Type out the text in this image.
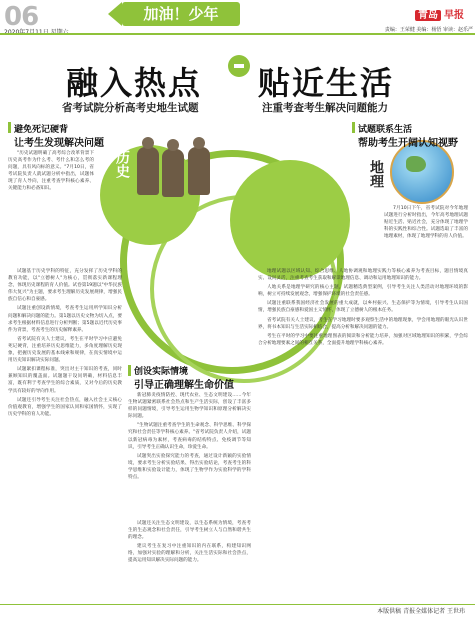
06	加油！少年	青岛 早报
责编：王荣健 美编：杨悟 审读：赵乐严
融入热点 贴近生活
省考试院分析高考史地生试题	注重考查考生解决问题能力
历史	地理
避免死记硬背
让考生发现解决问题

"历史试题明确了高考综合改革背景下历史高考作为什么考、考什么和怎么考的问题，具有风向标的意义。"7月10日，省考试院负责人就试题分析中指出，试题体现了育人导向，注重考查学科核心素养、关键能力和必备知识。

试题基于历史学科的特征，充分发挥了历史学科的教育功能，以"立德树人"为核心，贯彻落实新课程理念，体现历史课程的育人价值。试卷第19题以"中华民族伟大复兴"为主题，要求考生理解历史发展规律，增强民族自信心和自豪感。

试题注重创设新情境，考查考生运用所学知识分析问题和解决问题的能力。第1题以历史文物为切入点，要求考生根据材料信息进行分析判断；第5题以近代历史事件为背景，考查考生的历史解释素养。

省考试院有关人士建议，考生在平时学习中应避免死记硬背，注重培养历史思维能力，多角度理解历史现象，把握历史发展的基本线索和规律，在真实情境中运用历史知识解决实际问题。

试题紧扣课程标准，突出对主干知识的考查，同时兼顾知识的覆盖面。试题题干设问明确，材料信息丰富，既有利于考查学生的综合素质，又对今后的历史教学具有较好的导向作用。

试题还引导考生关注社会热点，融入社会主义核心价值观教育，增强学生的国家认同和家国情怀，实现了历史学科的育人功能。

创设实际情境
引导正确理解生命价值

新冠肺炎疫情防控、现代农业、生态文明建设……今年生物试题紧密联系社会热点和生产生活实际，创设了丰富多样的问题情境，引导考生运用生物学知识和原理分析解决实际问题。

"生物试题注重考查学生的生命观念、科学思维、科学探究和社会责任等学科核心素养。"省考试院负责人介绍，试题以新冠病毒为素材，考查病毒的结构特点、免疫调节等知识，引导考生正确认识生命，珍爱生命。

试题突出实验探究能力的考查，通过设计新颖的实验情境，要求考生分析实验结果、得出实验结论，考查考生的科学思维和实验设计能力，体现了生物学作为实验科学的学科特点。

试题还关注生态文明建设，以生态系统为情境，考查考生的生态观念和社会责任，引导考生树立人与自然和谐共生的理念。

建议考生在复习中注重知识的内在联系，构建知识网络，加强对实验的理解和分析，关注生活实际和社会热点，提高运用知识解决实际问题的能力。

试题联系生活
帮助考生开阔认知视野

7月10日下午，省考试院对今年地理试题进行分析时指出，今年高考地理试题贴近生活、贴近社会，充分体现了地理学科的实践性和综合性。试题选取了丰富的地理素材，体现了地理学科的育人价值。

地理试题以区域认知、综合思维、人地协调观和地理实践力等核心素养为考查目标，题目情境真实、设问灵活，注重考查考生获取和解读地理信息、调动和运用地理知识的能力。

人地关系是地理学研究的核心主题，试题精选典型案例，引导考生关注人类活动对地理环境的影响，树立可持续发展观念，增强保护环境的社会责任感。

试题注重联系我国经济社会发展的重大成就，以乡村振兴、生态保护等为情境，引导考生认识国情，增强民族自豪感和爱国主义情怀，体现了立德树人的根本任务。

省考试院有关人士建议，考生在学习地理时要多观察生活中的地理现象，学会用地理的眼光认识世界，将书本知识与生活实际相结合，提高分析和解决问题的能力。

考生在平时的学习中要注重地理图表的阅读和分析能力培养，加强对区域地理知识的积累，学会综合分析地理要素之间的相互关系，全面提升地理学科核心素养。

本版供稿 青报全媒体记者 王世玮
